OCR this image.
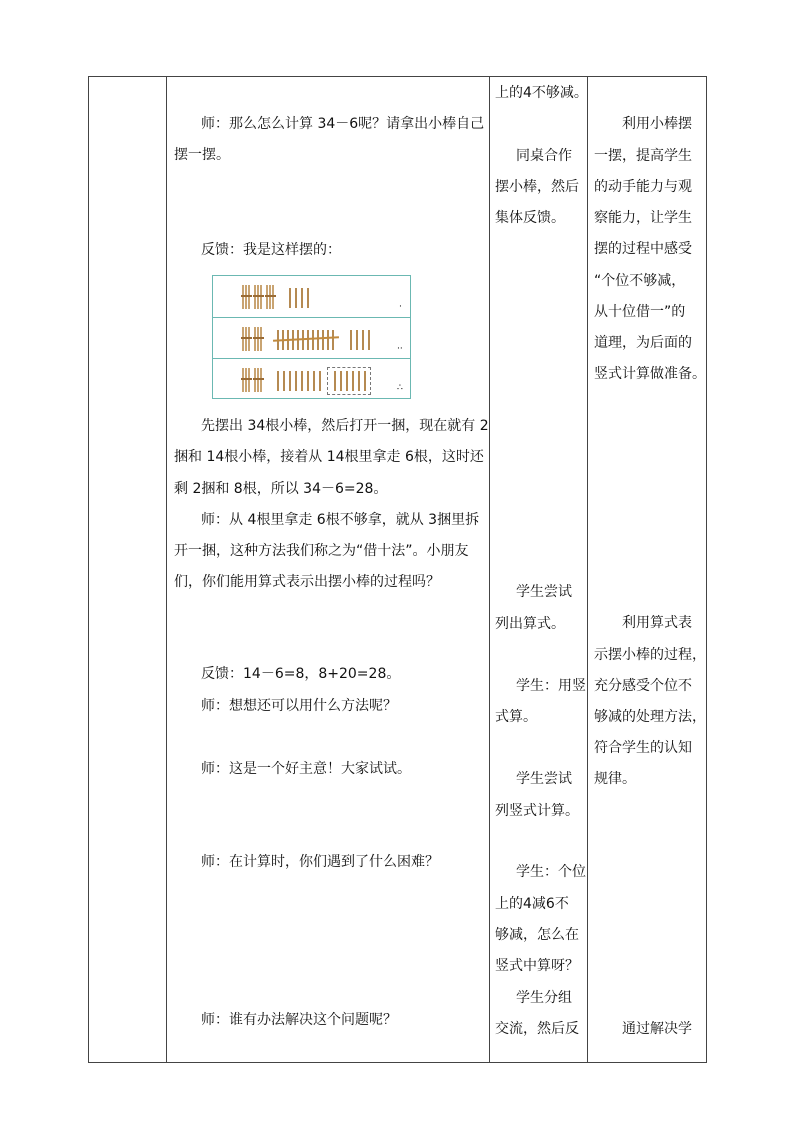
师：那么怎么计算 34－6呢？请拿出小棒自己
摆一摆。
反馈：我是这样摆的：
·
··
∴
先摆出 34根小棒，然后打开一捆，现在就有 2
捆和 14根小棒，接着从 14根里拿走 6根，这时还
剩 2捆和 8根，所以 34－6=28。
师：从 4根里拿走 6根不够拿，就从 3捆里拆
开一捆，这种方法我们称之为“借十法”。小朋友
们，你们能用算式表示出摆小棒的过程吗？
反馈：14－6=8，8+20=28。
师：想想还可以用什么方法呢？
师：这是一个好主意！大家试试。
师：在计算时，你们遇到了什么困难？
师：谁有办法解决这个问题呢？
上的4不够减。
同桌合作
摆小棒，然后
集体反馈。
学生尝试
列出算式。
学生：用竖
式算。
学生尝试
列竖式计算。
学生：个位
上的4减6不
够减，怎么在
竖式中算呀？
学生分组
交流，然后反
利用小棒摆
一摆，提高学生
的动手能力与观
察能力，让学生
摆的过程中感受
“个位不够减，
从十位借一”的
道理，为后面的
竖式计算做准备。
利用算式表
示摆小棒的过程，
充分感受个位不
够减的处理方法，
符合学生的认知
规律。
通过解决学
